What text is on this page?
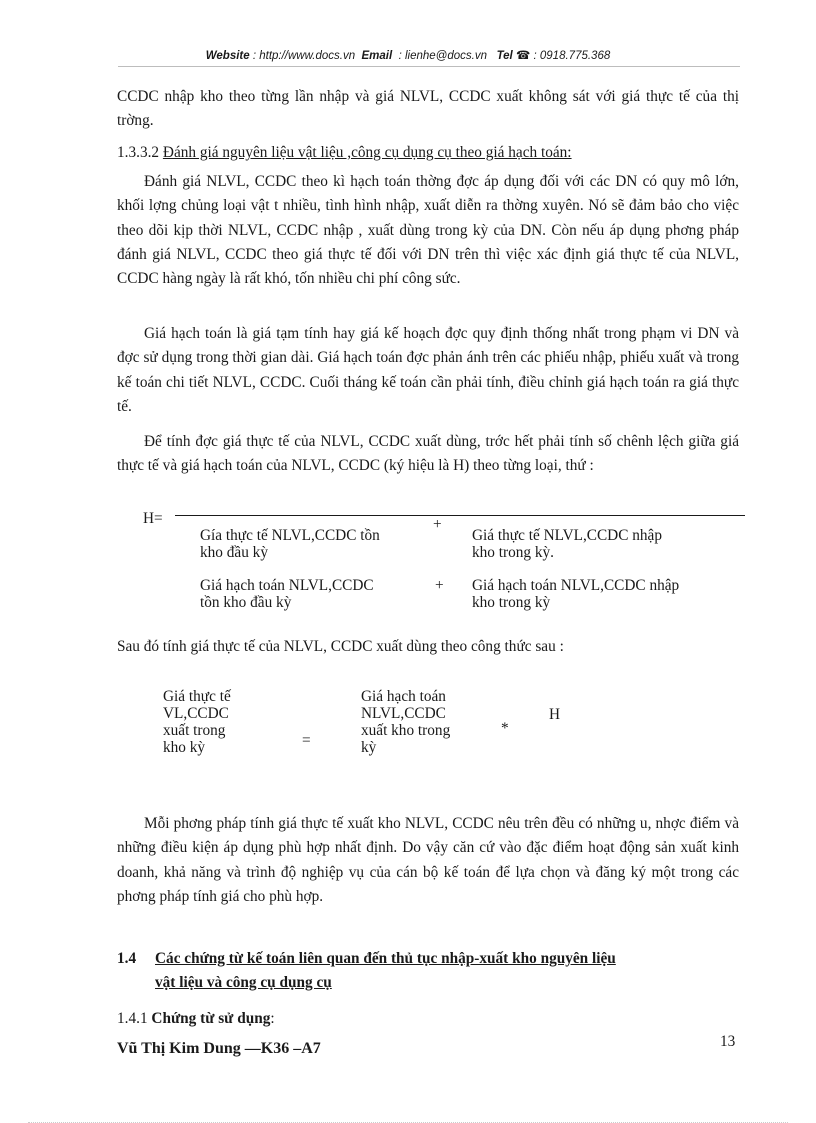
Website : http://www.docs.vn Email : lienhe@docs.vn Tel ☎ : 0918.775.368

CCDC nhập kho theo từng lần nhập và giá NLVL, CCDC xuất không sát với giá thực tế của thị trờng.

1.3.3.2 Đánh giá nguyên liệu vật liệu ,công cụ dụng cụ theo giá hạch toán:

Đánh giá NLVL, CCDC theo kì hạch toán thờng đợc áp dụng đối với các DN có quy mô lớn, khối lợng chủng loại vật t nhiều, tình hình nhập, xuất diễn ra thờng xuyên. Nó sẽ đảm bảo cho việc theo dõi kịp thời NLVL, CCDC nhập , xuất dùng trong kỳ của DN. Còn nếu áp dụng phơng pháp đánh giá NLVL, CCDC theo giá thực tế đối với DN trên thì việc xác định giá thực tế của NLVL, CCDC hàng ngày là rất khó, tốn nhiều chi phí công sức.

Giá hạch toán là giá tạm tính hay giá kế hoạch đợc quy định thống nhất trong phạm vi DN và đợc sử dụng trong thời gian dài. Giá hạch toán đợc phản ánh trên các phiếu nhập, phiếu xuất và trong kế toán chi tiết NLVL, CCDC. Cuối tháng kế toán cần phải tính, điều chỉnh giá hạch toán ra giá thực tế.

Để tính đợc giá thực tế của NLVL, CCDC xuất dùng, trớc hết phải tính số chênh lệch giữa giá thực tế và giá hạch toán của NLVL, CCDC (ký hiệu là H) theo từng loại, thứ :

H=
Gía thực tế NLVL,CCDC tồn
kho đầu kỳ
+
Giá thực tế NLVL,CCDC nhập
kho trong kỳ.
Giá hạch toán NLVL,CCDC
tồn kho đầu kỳ
+ Giá hạch toán NLVL,CCDC nhập
kho trong kỳ

Sau đó tính giá thực tế của NLVL, CCDC xuất dùng theo công thức sau :

Giá thực tế
VL,CCDC
xuất trong
kho kỳ	=
Giá hạch toán
NLVL,CCDC
xuất kho trong
kỳ
*
H

Mỗi phơng pháp tính giá thực tế xuất kho NLVL, CCDC nêu trên đều có những u, nhợc điểm và những điều kiện áp dụng phù hợp nhất định. Do vậy căn cứ vào đặc điểm hoạt động sản xuất kinh doanh, khả năng và trình độ nghiệp vụ của cán bộ kế toán để lựa chọn và đăng ký một trong các phơng pháp tính giá cho phù hợp.

1.4 Các chứng từ kế toán liên quan đến thủ tục nhập-xuất kho nguyên liệu
vật liệu và công cụ dụng cụ
1.4.1 Chứng từ sử dụng:
Vũ Thị Kim Dung —K36 –A7	13
